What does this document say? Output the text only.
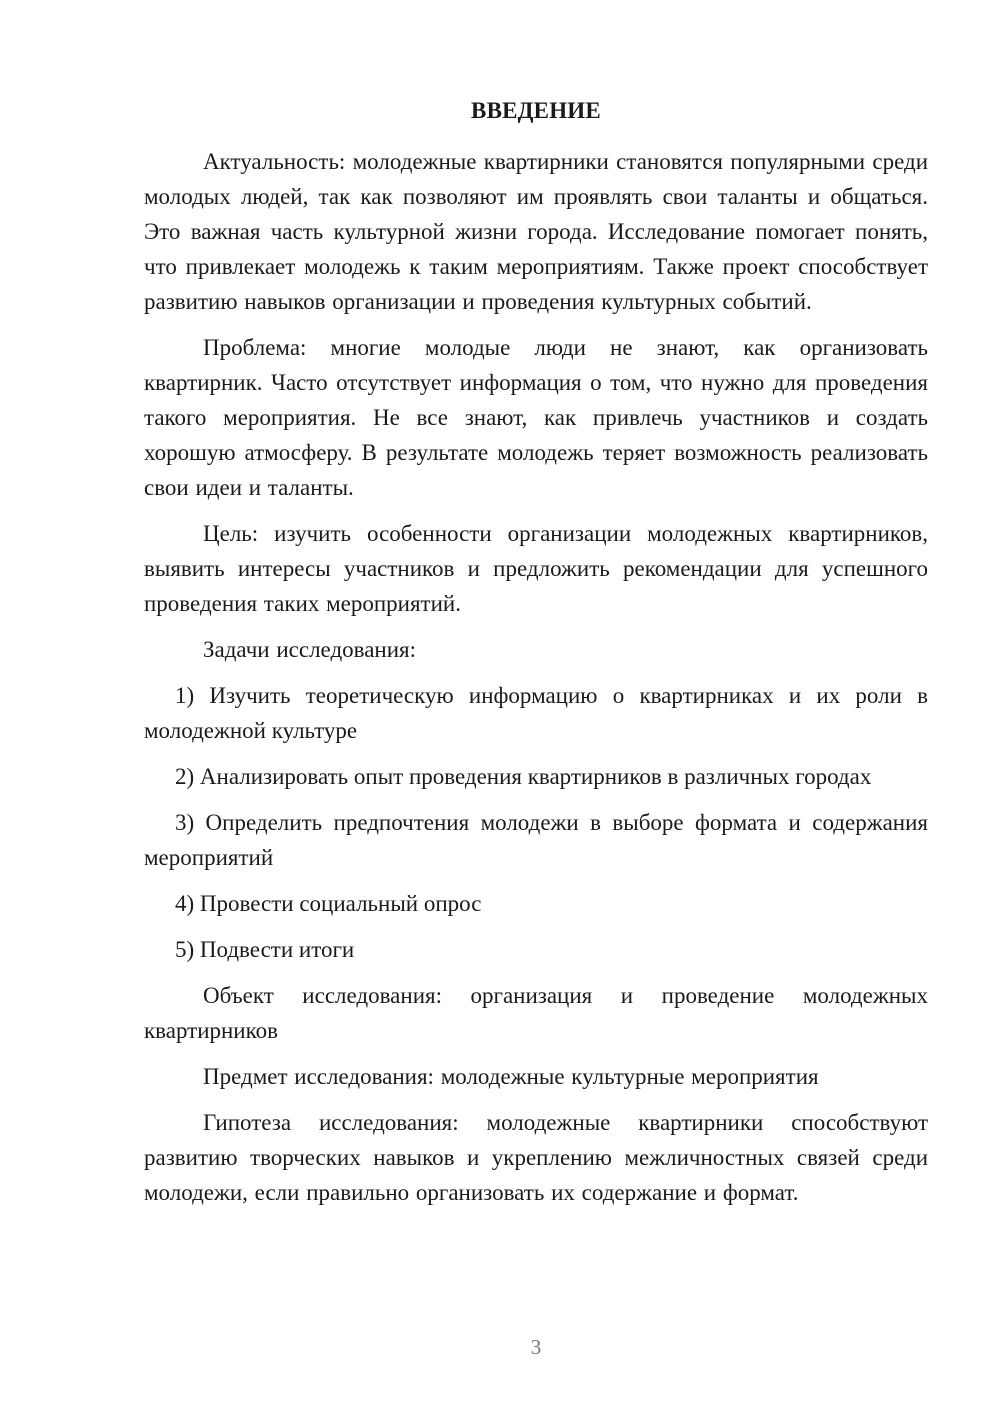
ВВЕДЕНИЕ

Актуальность: молодежные квартирники становятся популярными среди молодых людей, так как позволяют им проявлять свои таланты и общаться. Это важная часть культурной жизни города. Исследование помогает понять, что привлекает молодежь к таким мероприятиям. Также проект способствует развитию навыков организации и проведения культурных событий.

Проблема: многие молодые люди не знают, как организовать квартирник. Часто отсутствует информация о том, что нужно для проведения такого мероприятия. Не все знают, как привлечь участников и создать хорошую атмосферу. В результате молодежь теряет возможность реализовать свои идеи и таланты.

Цель: изучить особенности организации молодежных квартирников, выявить интересы участников и предложить рекомендации для успешного проведения таких мероприятий.

Задачи исследования:

1) Изучить теоретическую информацию о квартирниках и их роли в молодежной культуре

2) Анализировать опыт проведения квартирников в различных городах

3) Определить предпочтения молодежи в выборе формата и содержания мероприятий

4) Провести социальный опрос

5) Подвести итоги

Объект исследования: организация и проведение молодежных квартирников

Предмет исследования: молодежные культурные мероприятия

Гипотеза исследования: молодежные квартирники способствуют развитию творческих навыков и укреплению межличностных связей среди молодежи, если правильно организовать их содержание и формат.

3
